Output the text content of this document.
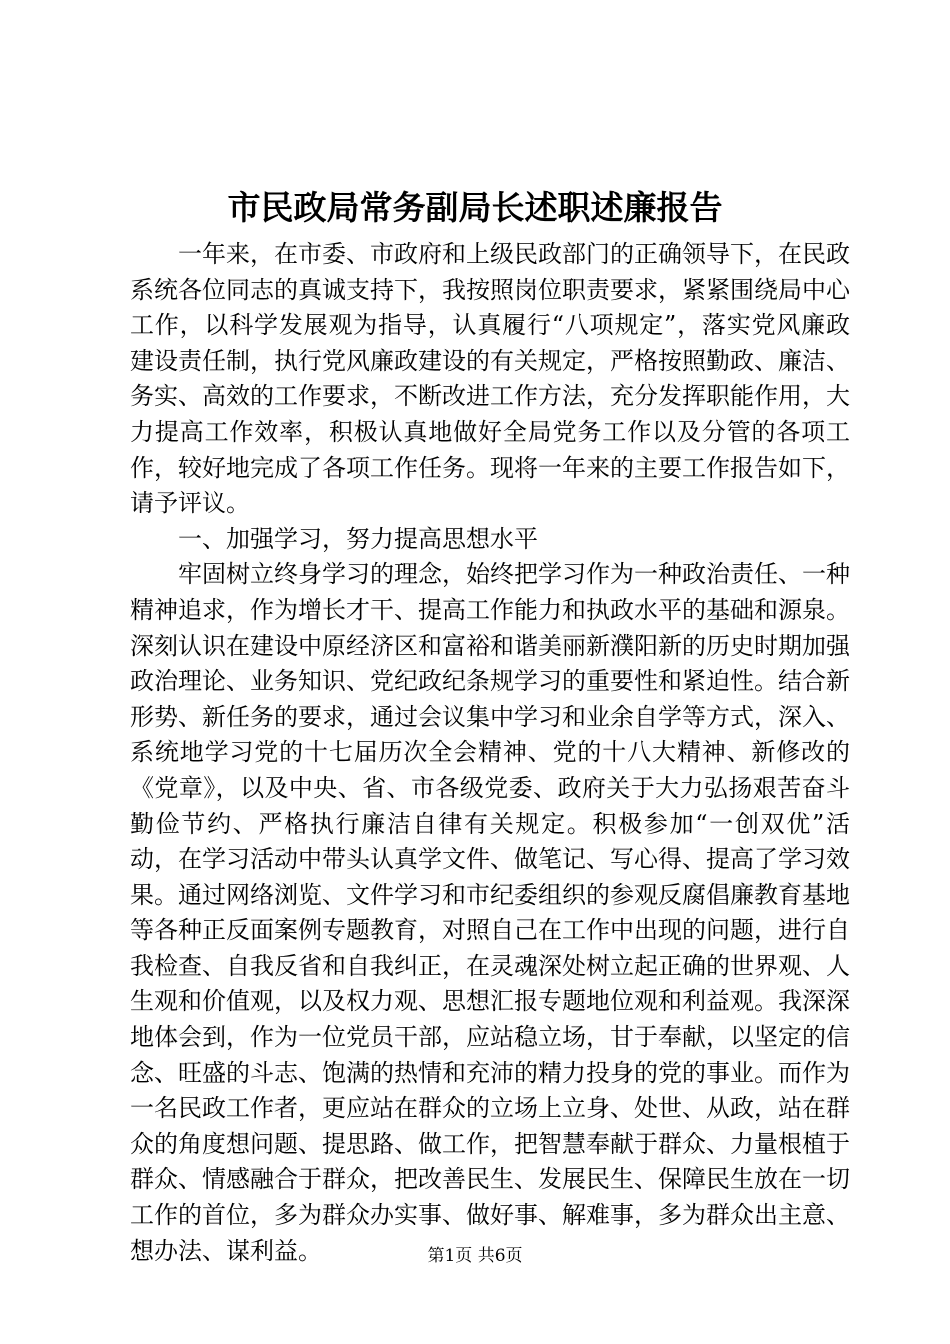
市民政局常务副局长述职述廉报告

一年来，在市委、市政府和上级民政部门的正确领导下，在民政系统各位同志的真诚支持下，我按照岗位职责要求，紧紧围绕局中心工作，以科学发展观为指导，认真履行“八项规定”，落实党风廉政建设责任制，执行党风廉政建设的有关规定，严格按照勤政、廉洁、务实、高效的工作要求，不断改进工作方法，充分发挥职能作用，大力提高工作效率，积极认真地做好全局党务工作以及分管的各项工作，较好地完成了各项工作任务。现将一年来的主要工作报告如下，请予评议。

一、加强学习，努力提高思想水平

牢固树立终身学习的理念，始终把学习作为一种政治责任、一种精神追求，作为增长才干、提高工作能力和执政水平的基础和源泉。深刻认识在建设中原经济区和富裕和谐美丽新濮阳新的历史时期加强政治理论、业务知识、党纪政纪条规学习的重要性和紧迫性。结合新形势、新任务的要求，通过会议集中学习和业余自学等方式，深入、系统地学习党的十七届历次全会精神、党的十八大精神、新修改的《党章》，以及中央、省、市各级党委、政府关于大力弘扬艰苦奋斗勤俭节约、严格执行廉洁自律有关规定。积极参加“一创双优”活动，在学习活动中带头认真学文件、做笔记、写心得、提高了学习效果。通过网络浏览、文件学习和市纪委组织的参观反腐倡廉教育基地等各种正反面案例专题教育，对照自己在工作中出现的问题，进行自我检查、自我反省和自我纠正，在灵魂深处树立起正确的世界观、人生观和价值观，以及权力观、思想汇报专题地位观和利益观。我深深地体会到，作为一位党员干部，应站稳立场，甘于奉献，以坚定的信念、旺盛的斗志、饱满的热情和充沛的精力投身的党的事业。而作为一名民政工作者，更应站在群众的立场上立身、处世、从政，站在群众的角度想问题、提思路、做工作，把智慧奉献于群众、力量根植于群众、情感融合于群众，把改善民生、发展民生、保障民生放在一切工作的首位，多为群众办实事、做好事、解难事，多为群众出主意、想办法、谋利益。	第1页 共6页
